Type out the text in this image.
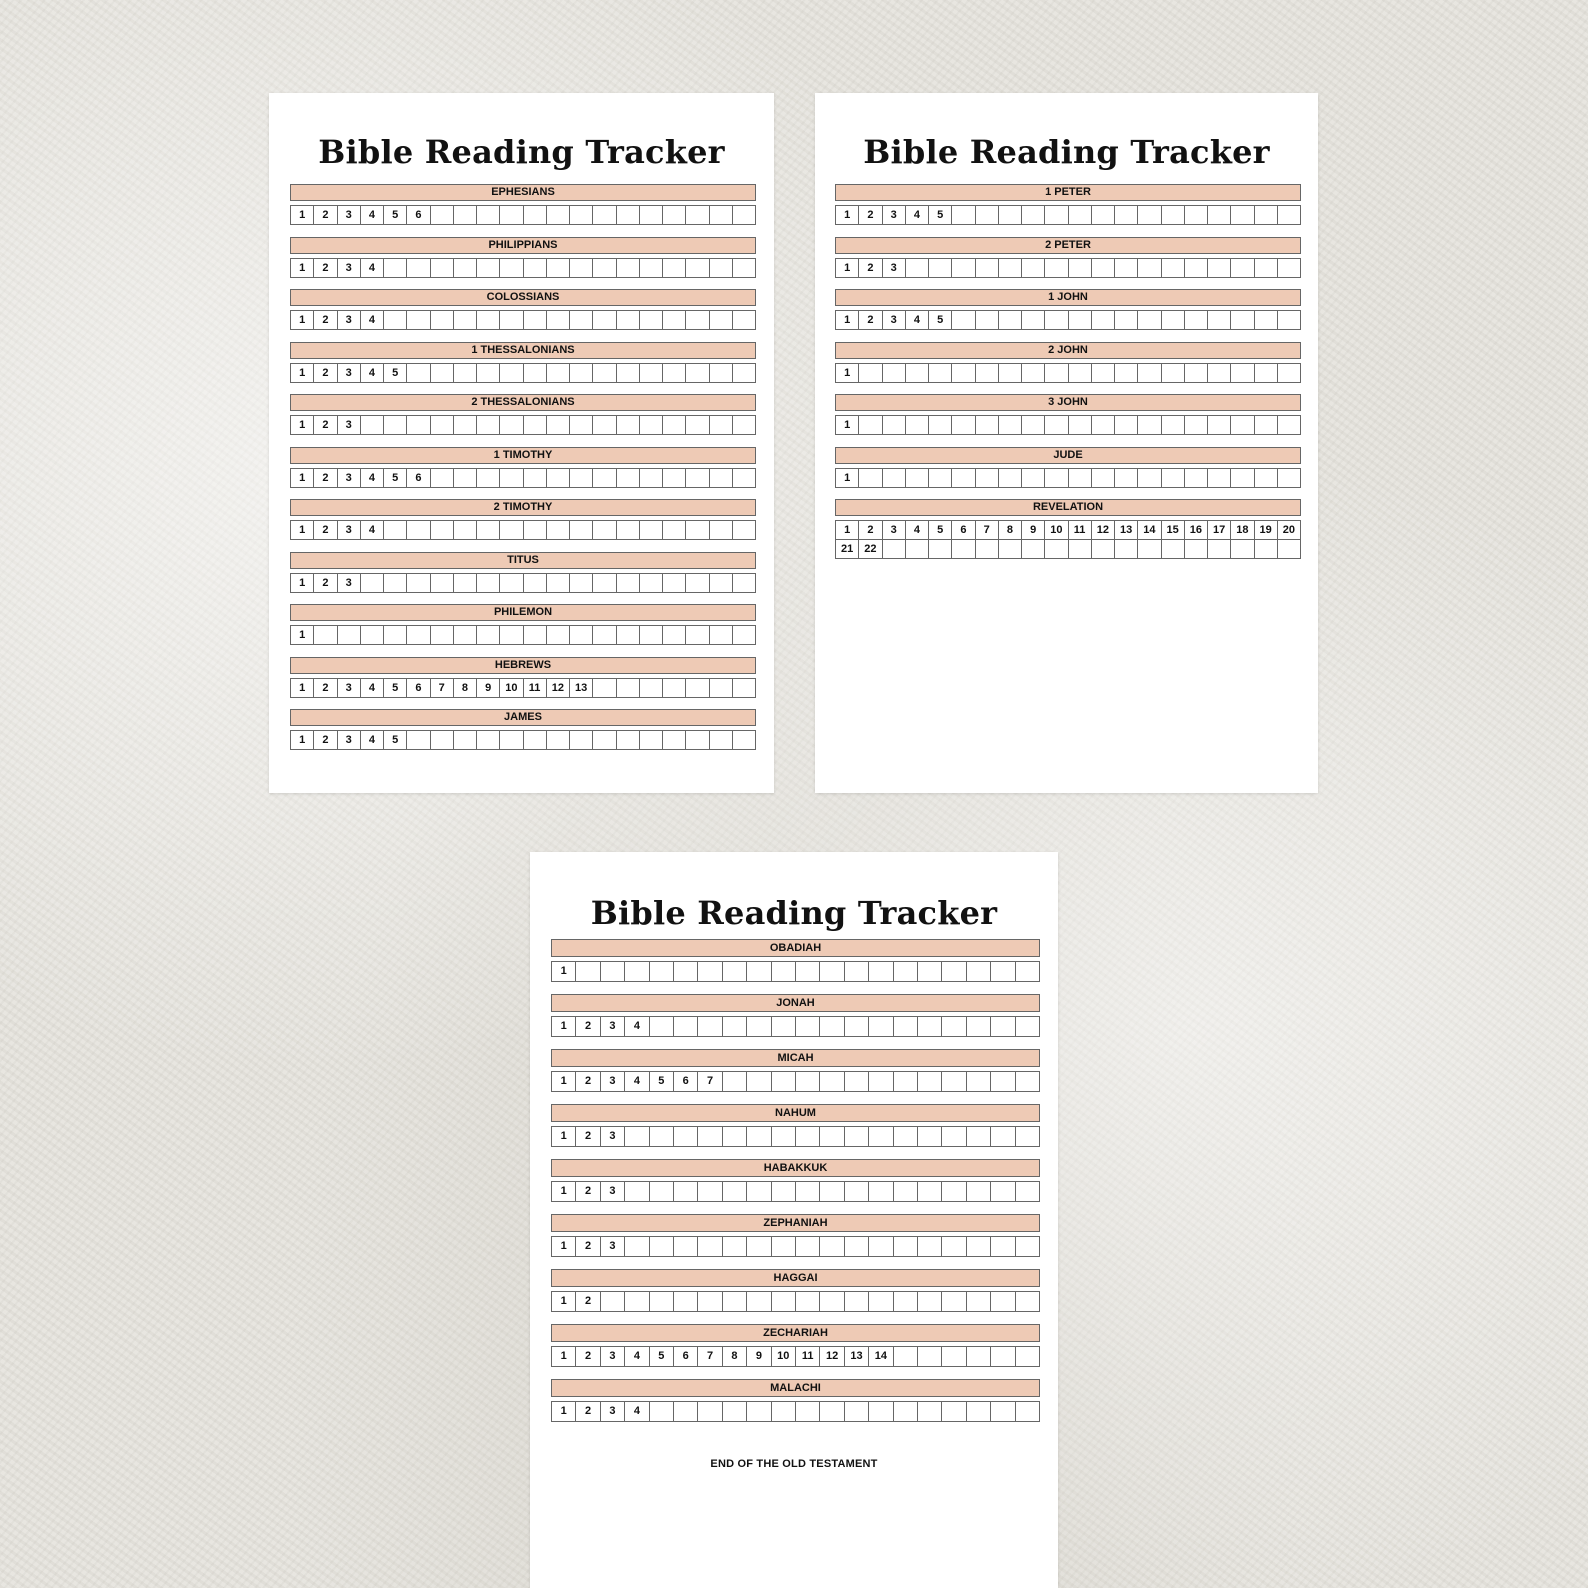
Bible Reading Tracker
EPHESIANS
1	2	3	4	5	6
PHILIPPIANS
1	2	3	4
COLOSSIANS
1	2	3	4
1 THESSALONIANS
1	2	3	4	5
2 THESSALONIANS
1	2	3
1 TIMOTHY
1	2	3	4	5	6
2 TIMOTHY
1	2	3	4
TITUS
1	2	3
PHILEMON
1
HEBREWS
1	2	3	4	5	6	7	8	9	10	11	12	13
JAMES
1	2	3	4	5
Bible Reading Tracker
1 PETER
1	2	3	4	5
2 PETER
1	2	3
1 JOHN
1	2	3	4	5
2 JOHN
1
3 JOHN
1
JUDE
1
REVELATION
1	2	3	4	5	6	7	8	9	10	11	12	13	14	15	16	17	18	19	20
21	22
Bible Reading Tracker
END OF THE OLD TESTAMENT
OBADIAH
1
JONAH
1	2	3	4
MICAH
1	2	3	4	5	6	7
NAHUM
1	2	3
HABAKKUK
1	2	3
ZEPHANIAH
1	2	3
HAGGAI
1	2
ZECHARIAH
1	2	3	4	5	6	7	8	9	10	11	12	13	14
MALACHI
1	2	3	4
